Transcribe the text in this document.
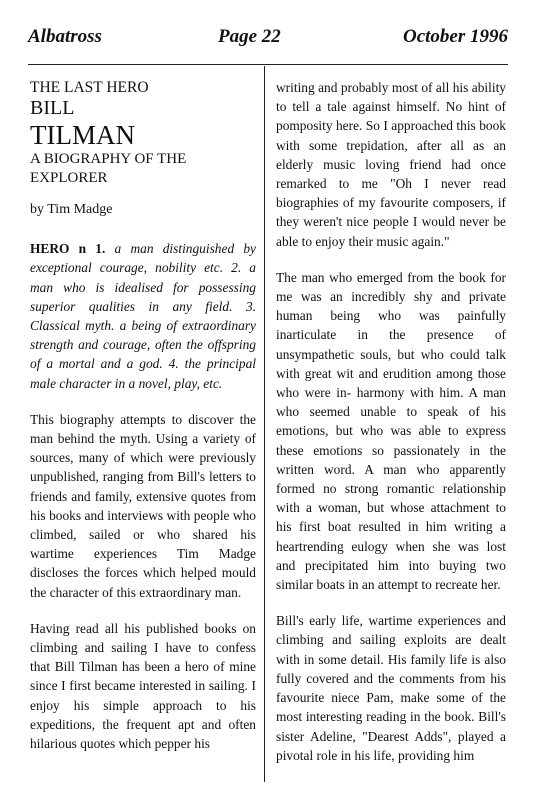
Albatross	Page 22	October 1996

THE LAST HERO

BILL

TILMAN

A BIOGRAPHY OF THE EXPLORER

by Tim Madge

HERO n 1. a man distinguished by exceptional courage, nobility etc. 2. a man who is idealised for possessing superior qualities in any field. 3. Classical myth. a being of extraordinary strength and courage, often the offspring of a mortal and a god. 4. the principal male character in a novel, play, etc.

This biography attempts to discover the man behind the myth. Using a variety of sources, many of which were previously unpublished, ranging from Bill's letters to friends and family, extensive quotes from his books and interviews with people who climbed, sailed or who shared his wartime experiences Tim Madge discloses the forces which helped mould the character of this extraordinary man.

Having read all his published books on climbing and sailing I have to confess that Bill Tilman has been a hero of mine since I first became interested in sailing. I enjoy his simple approach to his expeditions, the frequent apt and often hilarious quotes which pepper his

writing and probably most of all his ability to tell a tale against himself. No hint of pomposity here. So I approached this book with some trepidation, after all as an elderly music loving friend had once remarked to me "Oh I never read biographies of my favourite composers, if they weren't nice people I would never be able to enjoy their music again."

The man who emerged from the book for me was an incredibly shy and private human being who was painfully inarticulate in the presence of unsympathetic souls, but who could talk with great wit and erudition among those who were in- harmony with him. A man who seemed unable to speak of his emotions, but who was able to express these emotions so passionately in the written word. A man who apparently formed no strong romantic relationship with a woman, but whose attachment to his first boat resulted in him writing a heartrending eulogy when she was lost and precipitated him into buying two similar boats in an attempt to recreate her.

Bill's early life, wartime experiences and climbing and sailing exploits are dealt with in some detail. His family life is also fully covered and the comments from his favourite niece Pam, make some of the most interesting reading in the book. Bill's sister Adeline, "Dearest Adds", played a pivotal role in his life, providing him
